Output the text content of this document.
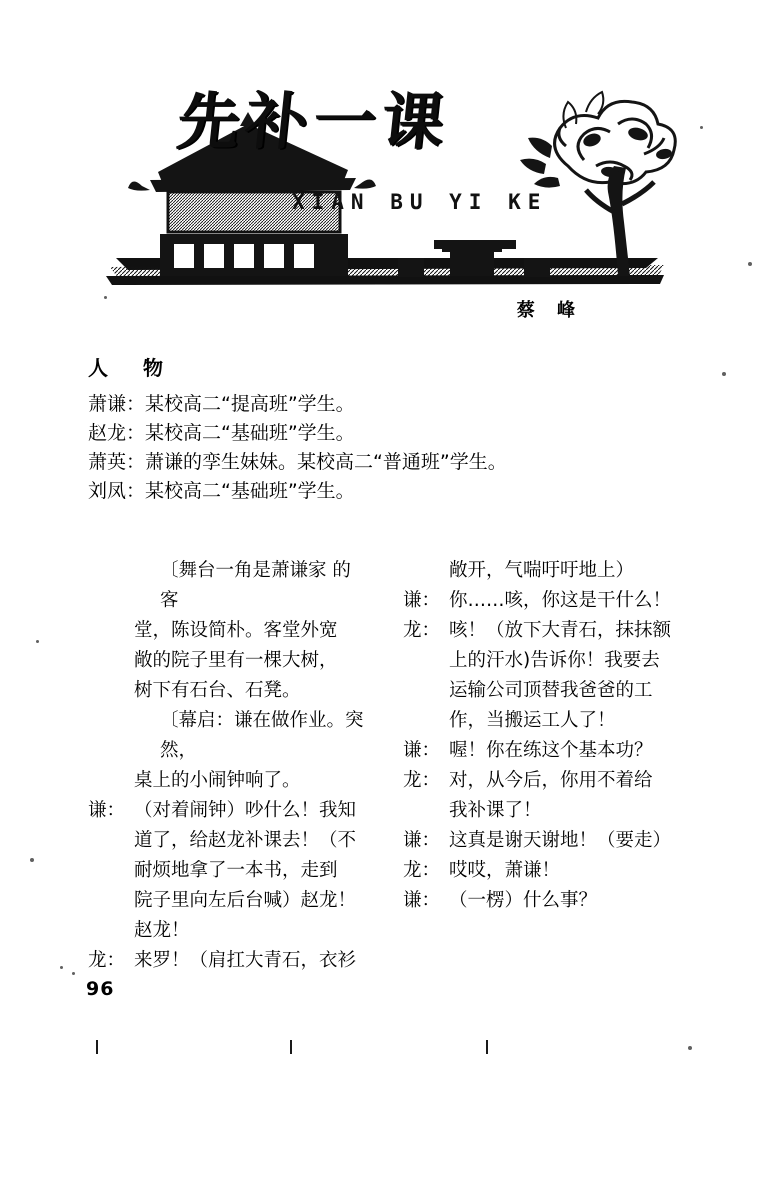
先补一课
XIAN BU YI KE
蔡 峰
人 物
萧谦：某校高二“提高班”学生。
赵龙：某校高二“基础班”学生。
萧英：萧谦的孪生妹妹。某校高二“普通班”学生。
刘凤：某校高二“基础班”学生。
〔舞台一角是萧谦家 的 客
堂，陈设简朴。客堂外宽
敞的院子里有一棵大树，
树下有石台、石凳。
〔幕启：谦在做作业。突然，
桌上的小闹钟响了。
谦： （对着闹钟）吵什么！我知
道了，给赵龙补课去！（不
耐烦地拿了一本书，走到
院子里向左后台喊）赵龙！
赵龙！
龙： 来罗！（肩扛大青石，衣衫
敞开，气喘吁吁地上）
谦： 你……咳，你这是干什么！
龙： 咳！（放下大青石，抹抹额
上的汗水)告诉你！我要去
运输公司顶替我爸爸的工
作，当搬运工人了！
谦： 喔！你在练这个基本功？
龙： 对，从今后，你用不着给
我补课了！
谦： 这真是谢天谢地！（要走）
龙： 哎哎，萧谦！
谦： （一楞）什么事？
96
